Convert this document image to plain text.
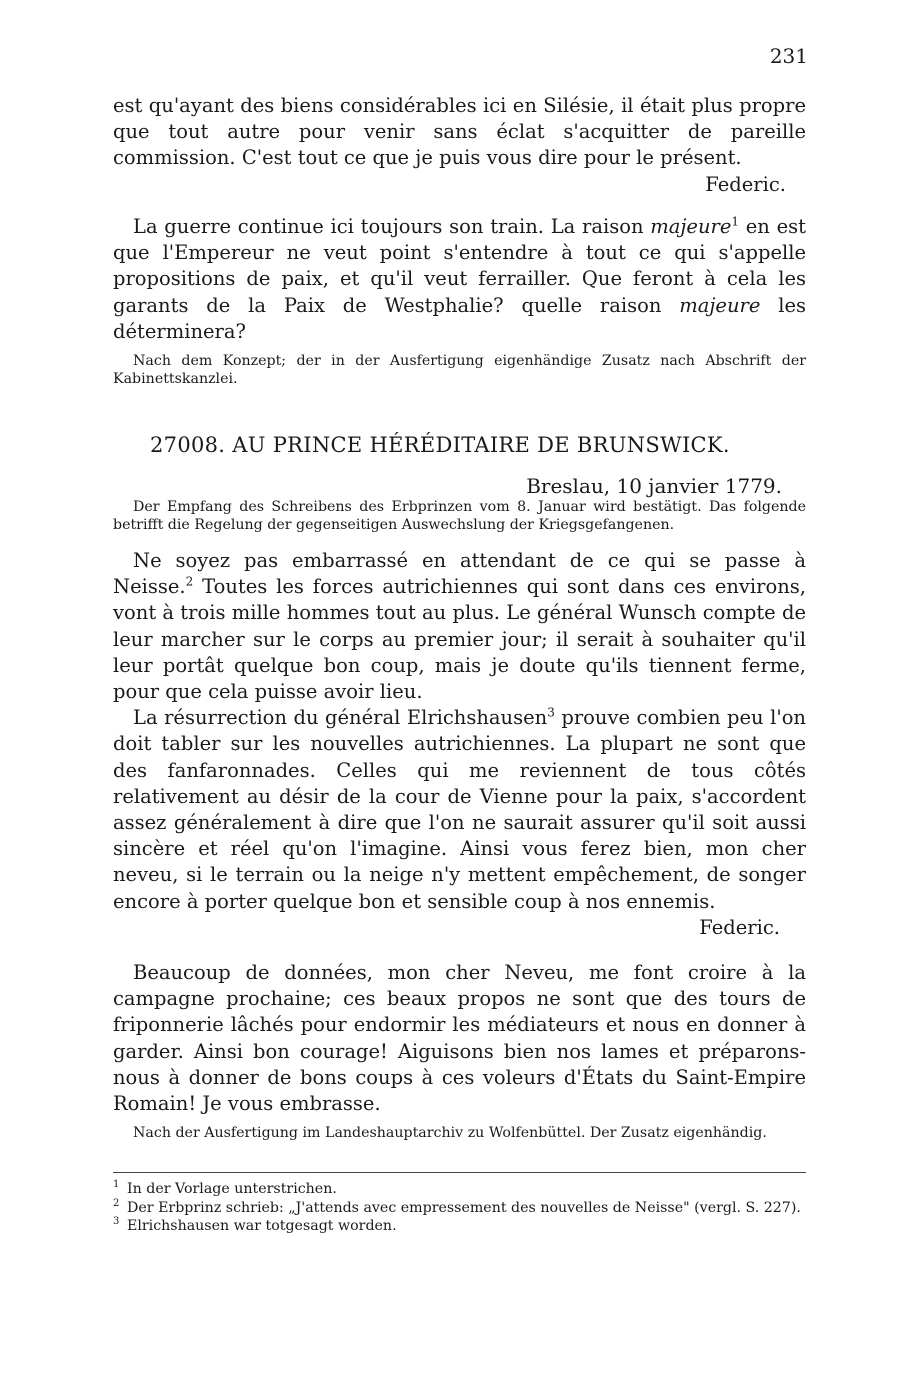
231

est qu'ayant des biens considérables ici en Silésie, il était plus propre que tout autre pour venir sans éclat s'acquitter de pareille commission. C'est tout ce que je puis vous dire pour le présent.

Federic.

La guerre continue ici toujours son train. La raison majeure$^1$ en est que l'Empereur ne veut point s'entendre à tout ce qui s'appelle propositions de paix, et qu'il veut ferrailler. Que feront à cela les garants de la Paix de Westphalie? quelle raison majeure les déterminera?

Nach dem Konzept; der in der Ausfertigung eigenhändige Zusatz nach Abschrift der Kabinettskanzlei.

27008. AU PRINCE HÉRÉDITAIRE DE BRUNSWICK.
Breslau, 10 janvier 1779.

Der Empfang des Schreibens des Erbprinzen vom 8. Januar wird bestätigt. Das folgende betrifft die Regelung der gegenseitigen Auswechslung der Kriegsgefangenen.

Ne soyez pas embarrassé en attendant de ce qui se passe à Neisse.$^2$ Toutes les forces autrichiennes qui sont dans ces environs, vont à trois mille hommes tout au plus. Le général Wunsch compte de leur marcher sur le corps au premier jour; il serait à souhaiter qu'il leur portât quelque bon coup, mais je doute qu'ils tiennent ferme, pour que cela puisse avoir lieu.

La résurrection du général Elrichshausen$^3$ prouve combien peu l'on doit tabler sur les nouvelles autrichiennes. La plupart ne sont que des fanfaronnades. Celles qui me reviennent de tous côtés relativement au désir de la cour de Vienne pour la paix, s'accordent assez généralement à dire que l'on ne saurait assurer qu'il soit aussi sincère et réel qu'on l'imagine. Ainsi vous ferez bien, mon cher neveu, si le terrain ou la neige n'y mettent empêchement, de songer encore à porter quelque bon et sensible coup à nos ennemis.

Federic.

Beaucoup de données, mon cher Neveu, me font croire à la campagne prochaine; ces beaux propos ne sont que des tours de friponnerie lâchés pour endormir les médiateurs et nous en donner à garder. Ainsi bon courage! Aiguisons bien nos lames et préparons-nous à donner de bons coups à ces voleurs d'États du Saint-Empire Romain! Je vous embrasse.

Nach der Ausfertigung im Landeshauptarchiv zu Wolfenbüttel. Der Zusatz eigenhändig.

1 In der Vorlage unterstrichen.
2 Der Erbprinz schrieb: „J'attends avec empressement des nouvelles de Neisse" (vergl. S. 227).
3 Elrichshausen war totgesagt worden.
